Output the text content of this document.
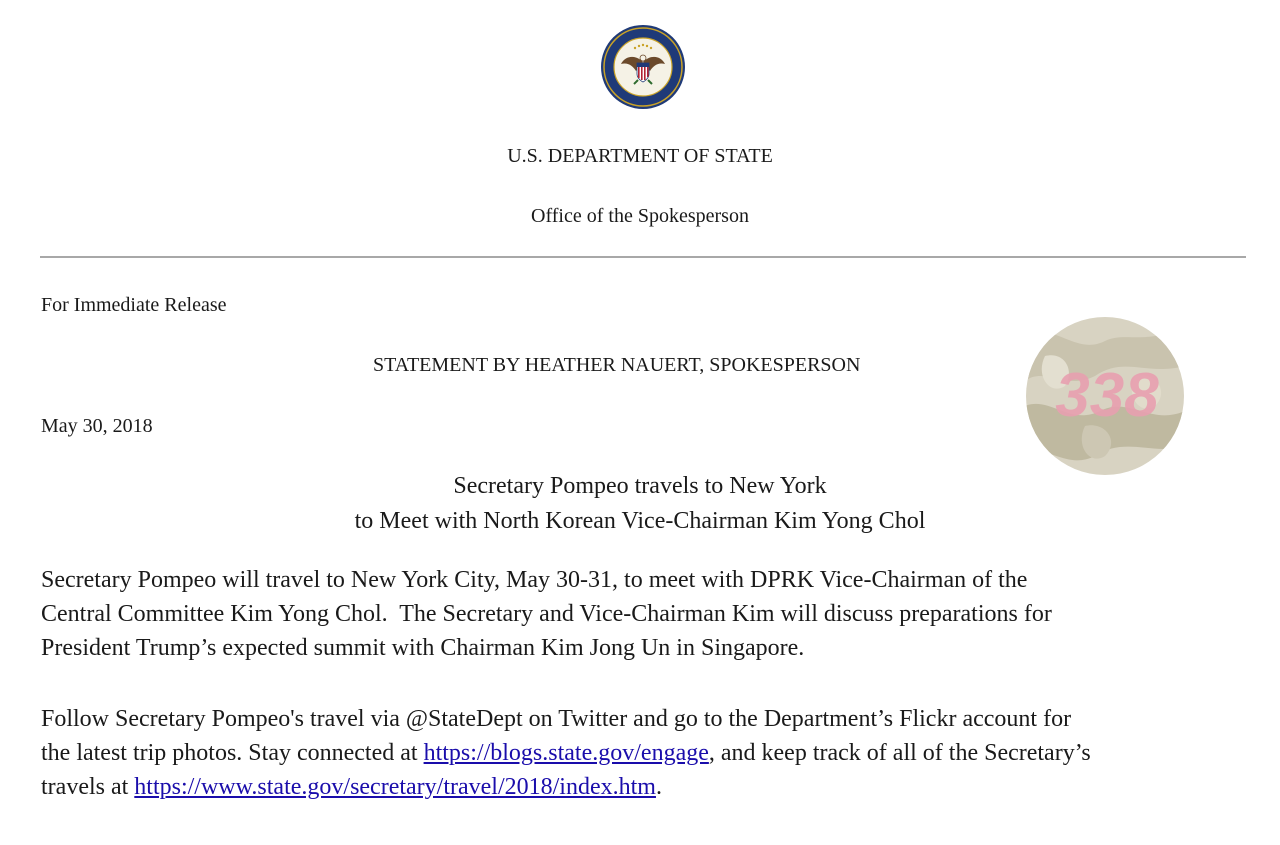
U.S. DEPARTMENT OF STATE
Office of the Spokesperson
For Immediate Release
STATEMENT BY HEATHER NAUERT, SPOKESPERSON
May 30, 2018	338
Secretary Pompeo travels to New York
to Meet with North Korean Vice-Chairman Kim Yong Chol
Secretary Pompeo will travel to New York City, May 30-31, to meet with DPRK Vice-Chairman of the
Central Committee Kim Yong Chol.  The Secretary and Vice-Chairman Kim will discuss preparations for
President Trump’s expected summit with Chairman Kim Jong Un in Singapore.
Follow Secretary Pompeo's travel via @StateDept on Twitter and go to the Department’s Flickr account for
the latest trip photos. Stay connected at https://blogs.state.gov/engage, and keep track of all of the Secretary’s
travels at https://www.state.gov/secretary/travel/2018/index.htm.
